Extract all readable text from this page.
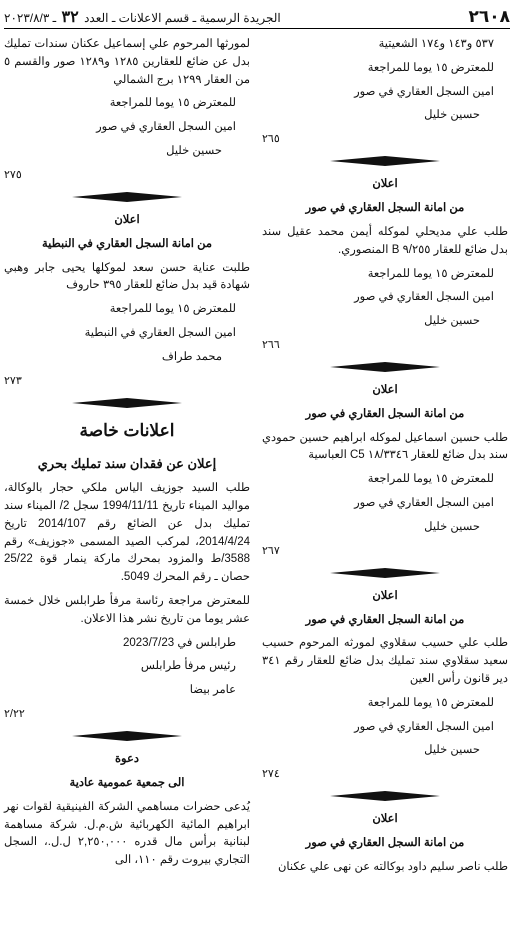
٢٦٠٨
الجريدة الرسمية ـ قسم الاعلانات ـ العدد ٣٢ ـ ٢٠٢٣/٨/٣

٥٣٧ و١٤٣ و١٧٤ الشعيتية

للمعترض ١٥ يوما للمراجعة

امين السجل العقاري في صور

حسين خليل

٢٦٥

اعلان

من امانة السجل العقاري في صور

طلب علي مديحلي لموكله أيمن محمد عقيل سند بدل ضائع للعقار ٩/٢٥٥ B المنصوري.

للمعترض ١٥ يوما للمراجعة

امين السجل العقاري في صور

حسين خليل

٢٦٦

اعلان

من امانة السجل العقاري في صور

طلب حسين اسماعيل لموكله ابراهيم حسين حمودي سند بدل ضائع للعقار ١٨/٣٣٤٦ C5 العباسية

للمعترض ١٥ يوما للمراجعة

امين السجل العقاري في صور

حسين خليل

٢٦٧

اعلان

من امانة السجل العقاري في صور

طلب علي حسيب سقلاوي لمورثه المرحوم حسيب سعيد سقلاوي سند تمليك بدل ضائع للعقار رقم ٣٤١ دير قانون رأس العين

للمعترض ١٥ يوما للمراجعة

امين السجل العقاري في صور

حسين خليل

٢٧٤

اعلان

من امانة السجل العقاري في صور

طلب ناصر سليم داود بوكالته عن نهى علي عكنان

لمورثها المرحوم علي إسماعيل عكنان سندات تمليك بدل عن ضائع للعقارين ١٢٨٥ و١٢٨٩ صور والقسم ٥ من العقار ١٢٩٩ برج الشمالي

للمعترض ١٥ يوما للمراجعة

امين السجل العقاري في صور

حسين خليل

٢٧٥

اعلان

من امانة السجل العقاري في النبطية

طلبت عناية حسن سعد لموكلها يحيى جابر وهبي شهادة قيد بدل ضائع للعقار ٣٩٥ حاروف

للمعترض ١٥ يوما للمراجعة

امين السجل العقاري في النبطية

محمد طراف

٢٧٣

اعلانات خاصة

إعلان عن فقدان سند تمليك بحري

طلب السيد جوزيف الياس ملكي حجار بالوكالة، مواليد الميناء تاريخ 1994/11/11 سجل 2/ الميناء سند تمليك بدل عن الضائع رقم 2014/107 تاريخ 2014/4/24، لمركب الصيد المسمى «جوزيف» رقم 3588/ط والمزود بمحرك ماركة ينمار قوة 25/22 حصان ـ رقم المحرك 5049.

للمعترض مراجعة رئاسة مرفأ طرابلس خلال خمسة عشر يوما من تاريخ نشر هذا الاعلان.

طرابلس في 2023/7/23

رئيس مرفأ طرابلس

عامر بيضا

٢/٢٢

دعوة

الى جمعية عمومية عادية

يُدعى حضرات مساهمي الشركة الفينيقية لقوات نهر ابراهيم المائية الكهربائية ش.م.ل. شركة مساهمة لبنانية برأس مال قدره ٢,٢٥٠,٠٠٠ ل.ل.، السجل التجاري بيروت رقم ١١٠، الى
